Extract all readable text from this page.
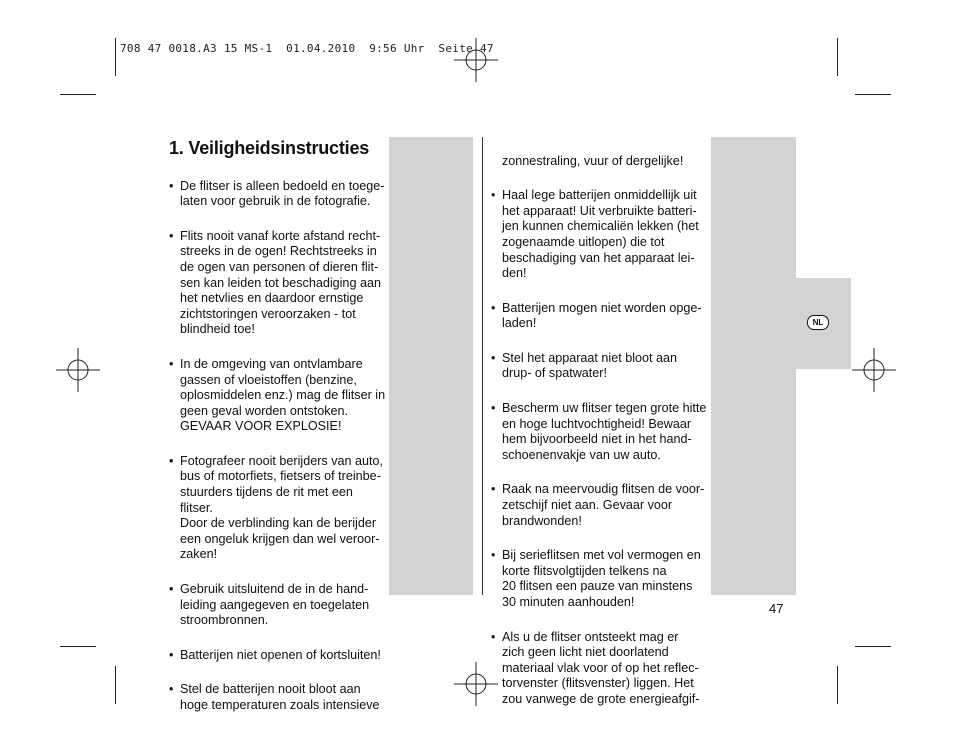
708 47 0018.A3 15 MS-1  01.04.2010  9:56 Uhr  Seite 47
1. Veiligheidsinstructies

• De flitser is alleen bedoeld en toege-
laten voor gebruik in de fotografie.

• Flits nooit vanaf korte afstand recht-
streeks in de ogen! Rechtstreeks in
de ogen van personen of dieren flit-
sen kan leiden tot beschadiging aan
het netvlies en daardoor ernstige
zichtstoringen veroorzaken - tot
blindheid toe!

• In de omgeving van ontvlambare
gassen of vloeistoffen (benzine,
oplosmiddelen enz.) mag de flitser in
geen geval worden ontstoken.
GEVAAR VOOR EXPLOSIE!

• Fotografeer nooit berijders van auto,
bus of motorfiets, fietsers of treinbe-
stuurders tijdens de rit met een flitser.
Door de verblinding kan de berijder
een ongeluk krijgen dan wel veroor-
zaken!

• Gebruik uitsluitend de in de hand-
leiding aangegeven en toegelaten
stroombronnen.

• Batterijen niet openen of kortsluiten!

• Stel de batterijen nooit bloot aan
hoge temperaturen zoals intensieve

zonnestraling, vuur of dergelijke!

• Haal lege batterijen onmiddellijk uit
het apparaat! Uit verbruikte batteri-
jen kunnen chemicaliën lekken (het
zogenaamde uitlopen) die tot
beschadiging van het apparaat lei-
den!

• Batterijen mogen niet worden opge-
laden!

• Stel het apparaat niet bloot aan
drup- of spatwater!

• Bescherm uw flitser tegen grote hitte
en hoge luchtvochtigheid! Bewaar
hem bijvoorbeeld niet in het hand-
schoenenvakje van uw auto.

• Raak na meervoudig flitsen de voor-
zetschijf niet aan. Gevaar voor
brandwonden!

• Bij serieflitsen met vol vermogen en
korte flitsvolgtijden telkens na
20 flitsen een pauze van minstens
30 minuten aanhouden!

• Als u de flitser ontsteekt mag er
zich geen licht niet doorlatend
materiaal vlak voor of op het reflec-
torvenster (flitsvenster) liggen. Het
zou vanwege de grote energieafgif-

NL
47
